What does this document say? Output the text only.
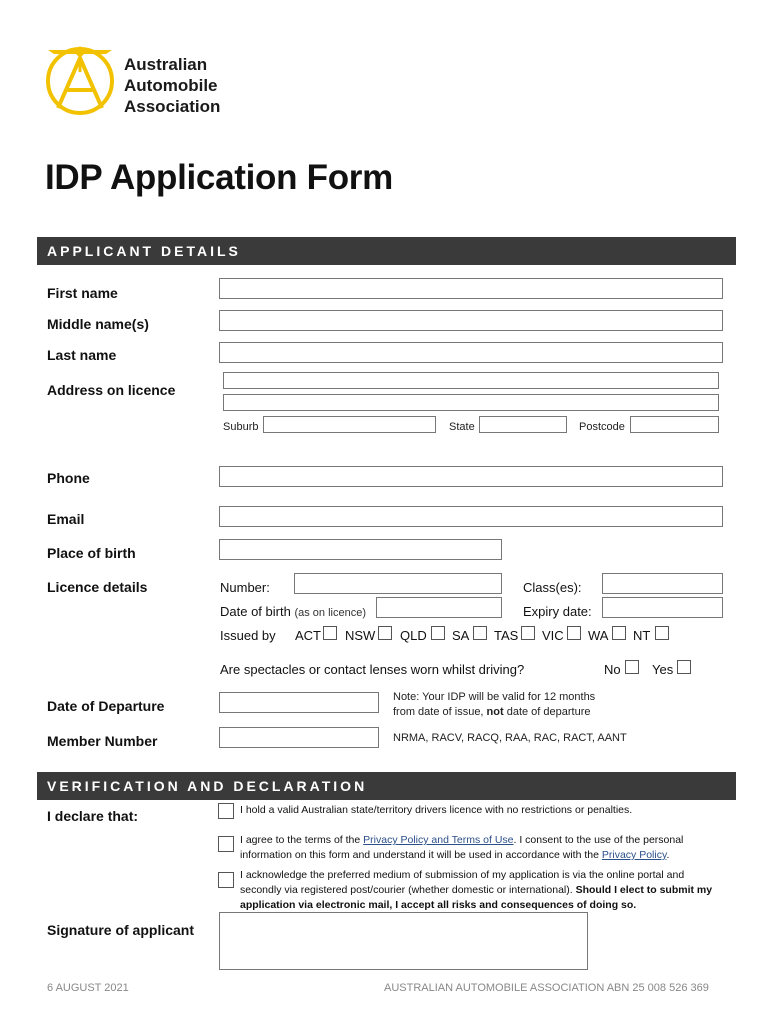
Australian
Automobile
Association
IDP Application Form
APPLICANT DETAILS
First name
Middle name(s)
Last name
Address on licence
Suburb	State	Postcode
Phone
Email
Place of birth
Licence details	Number:	Class(es):
Date of birth (as on licence)	Expiry date:
Issued by ACT NSW QLD SA TAS VIC WA NT
Are spectacles or contact lenses worn whilst driving?	No Yes
Date of Departure
Note: Your IDP will be valid for 12 months
from date of issue, not date of departure
Member Number	NRMA, RACV, RACQ, RAA, RAC, RACT, AANT
VERIFICATION AND DECLARATION
I declare that:	I hold a valid Australian state/territory drivers licence with no restrictions or penalties.
I agree to the terms of the Privacy Policy and Terms of Use. I consent to the use of the personal information on this form and understand it will be used in accordance with the Privacy Policy.
I acknowledge the preferred medium of submission of my application is via the online portal and secondly via registered post/courier (whether domestic or international). Should I elect to submit my application via electronic mail, I accept all risks and consequences of doing so.
Signature of applicant
6 AUGUST 2021	AUSTRALIAN AUTOMOBILE ASSOCIATION ABN 25 008 526 369
